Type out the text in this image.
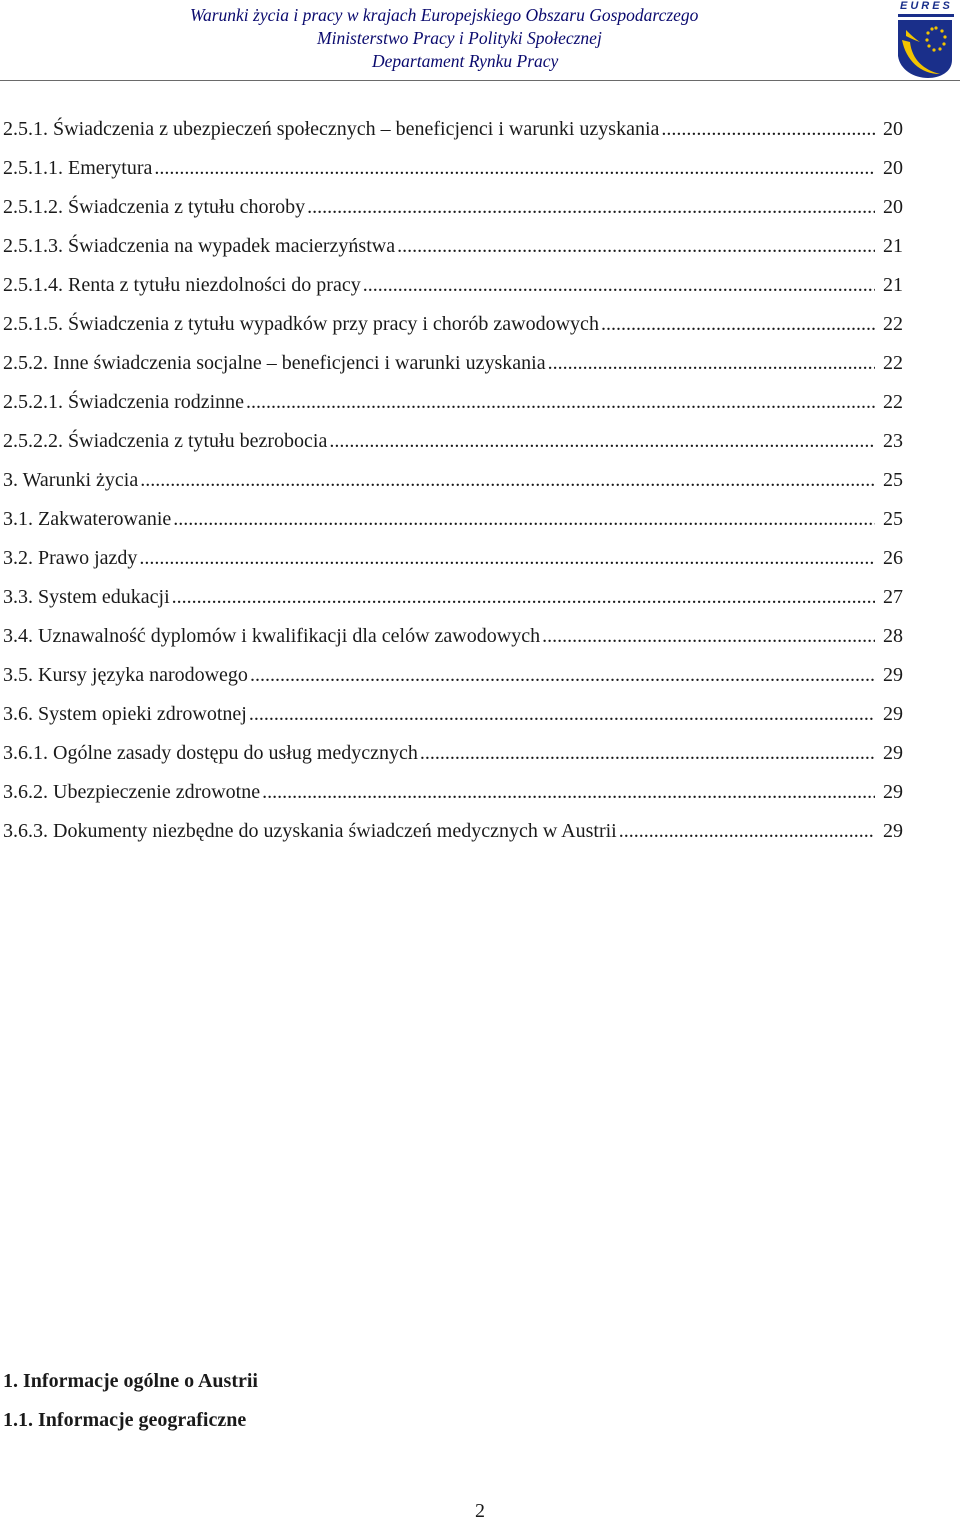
Warunki życia i pracy w krajach Europejskiego Obszaru Gospodarczego
Ministerstwo Pracy i Polityki Społecznej
Departament Rynku Pracy
EURES
2.5.1. Świadczenia z ubezpieczeń społecznych – beneficjenci i warunki uzyskania .....	20
2.5.1.1. Emerytura .....	20
2.5.1.2. Świadczenia z tytułu choroby .....	20
2.5.1.3. Świadczenia na wypadek macierzyństwa .....	21
2.5.1.4. Renta z tytułu niezdolności do pracy .....	21
2.5.1.5. Świadczenia z tytułu wypadków przy pracy i chorób zawodowych .....	22
2.5.2. Inne świadczenia socjalne – beneficjenci i warunki uzyskania .....	22
2.5.2.1. Świadczenia rodzinne .....	22
2.5.2.2. Świadczenia z tytułu bezrobocia .....	23
3. Warunki życia .....	25
3.1. Zakwaterowanie .....	25
3.2. Prawo jazdy .....	26
3.3. System edukacji .....	27
3.4. Uznawalność dyplomów i kwalifikacji dla celów zawodowych .....	28
3.5. Kursy języka narodowego .....	29
3.6. System opieki zdrowotnej .....	29
3.6.1. Ogólne zasady dostępu do usług medycznych .....	29
3.6.2. Ubezpieczenie zdrowotne .....	29
3.6.3. Dokumenty niezbędne do uzyskania świadczeń medycznych w Austrii .....	29
1. Informacje ogólne o Austrii
1.1. Informacje geograficzne
2
